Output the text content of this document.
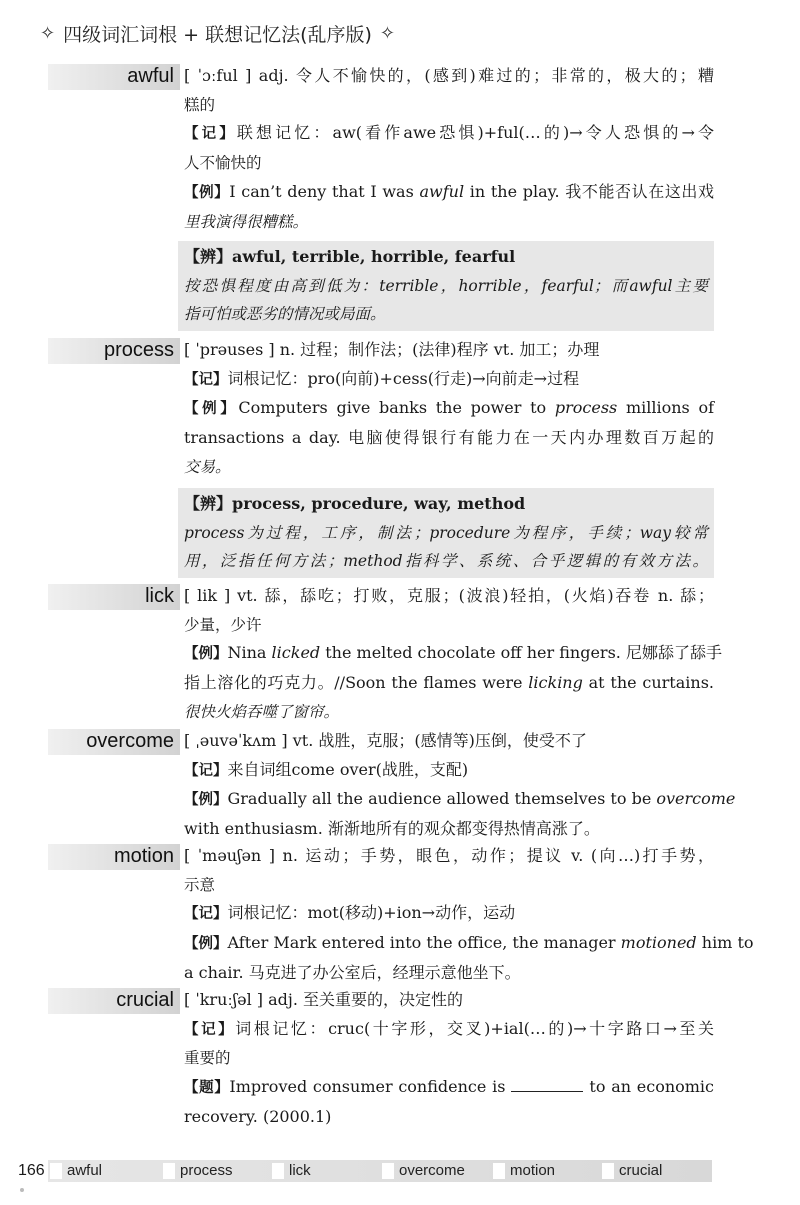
✧ 四级词汇词根 + 联想记忆法(乱序版) ✧
awful [ ˈɔːful ] adj. 令人不愉快的，(感到)难过的；非常的，极大的；糟
糕的
【记】联想记忆：aw(看作awe恐惧)+ful(…的)→令人恐惧的→令
人不愉快的
【例】I can’t deny that I was awful in the play. 我不能否认在这出戏
里我演得很糟糕。
【辨】awful, terrible, horrible, fearful
按恐惧程度由高到低为：terrible，horrible，fearful；而awful主要
指可怕或恶劣的情况或局面。
process [ ˈprəuses ] n. 过程；制作法；(法律)程序 vt. 加工；办理
【记】词根记忆：pro(向前)+cess(行走)→向前走→过程
【例】Computers give banks the power to process millions of
transactions a day. 电脑使得银行有能力在一天内办理数百万起的
交易。
【辨】process, procedure, way, method
process为过程，工序，制法；procedure为程序，手续；way较常
用，泛指任何方法；method指科学、系统、合乎逻辑的有效方法。
lick [ lik ] vt. 舔，舔吃；打败，克服；(波浪)轻拍，(火焰)吞卷 n. 舔；
少量，少许
【例】Nina licked the melted chocolate off her fingers. 尼娜舔了舔手
指上溶化的巧克力。//Soon the flames were licking at the curtains.
很快火焰吞噬了窗帘。
overcome [ ˌəuvəˈkʌm ] vt. 战胜，克服；(感情等)压倒，使受不了
【记】来自词组come over(战胜，支配)
【例】Gradually all the audience allowed themselves to be overcome
with enthusiasm. 渐渐地所有的观众都变得热情高涨了。
motion [ ˈməuʃən ] n. 运动；手势，眼色，动作；提议 v. (向…)打手势，
示意
【记】词根记忆：mot(移动)+ion→动作，运动
【例】After Mark entered into the office, the manager motioned him to
a chair. 马克进了办公室后，经理示意他坐下。
crucial [ ˈkruːʃəl ] adj. 至关重要的，决定性的
【记】词根记忆：cruc(十字形，交叉)+ial(…的)→十字路口→至关
重要的
【题】Improved consumer confidence is	to an economic
recovery. (2000.1)
166	awful	process	lick	overcome	motion	crucial
